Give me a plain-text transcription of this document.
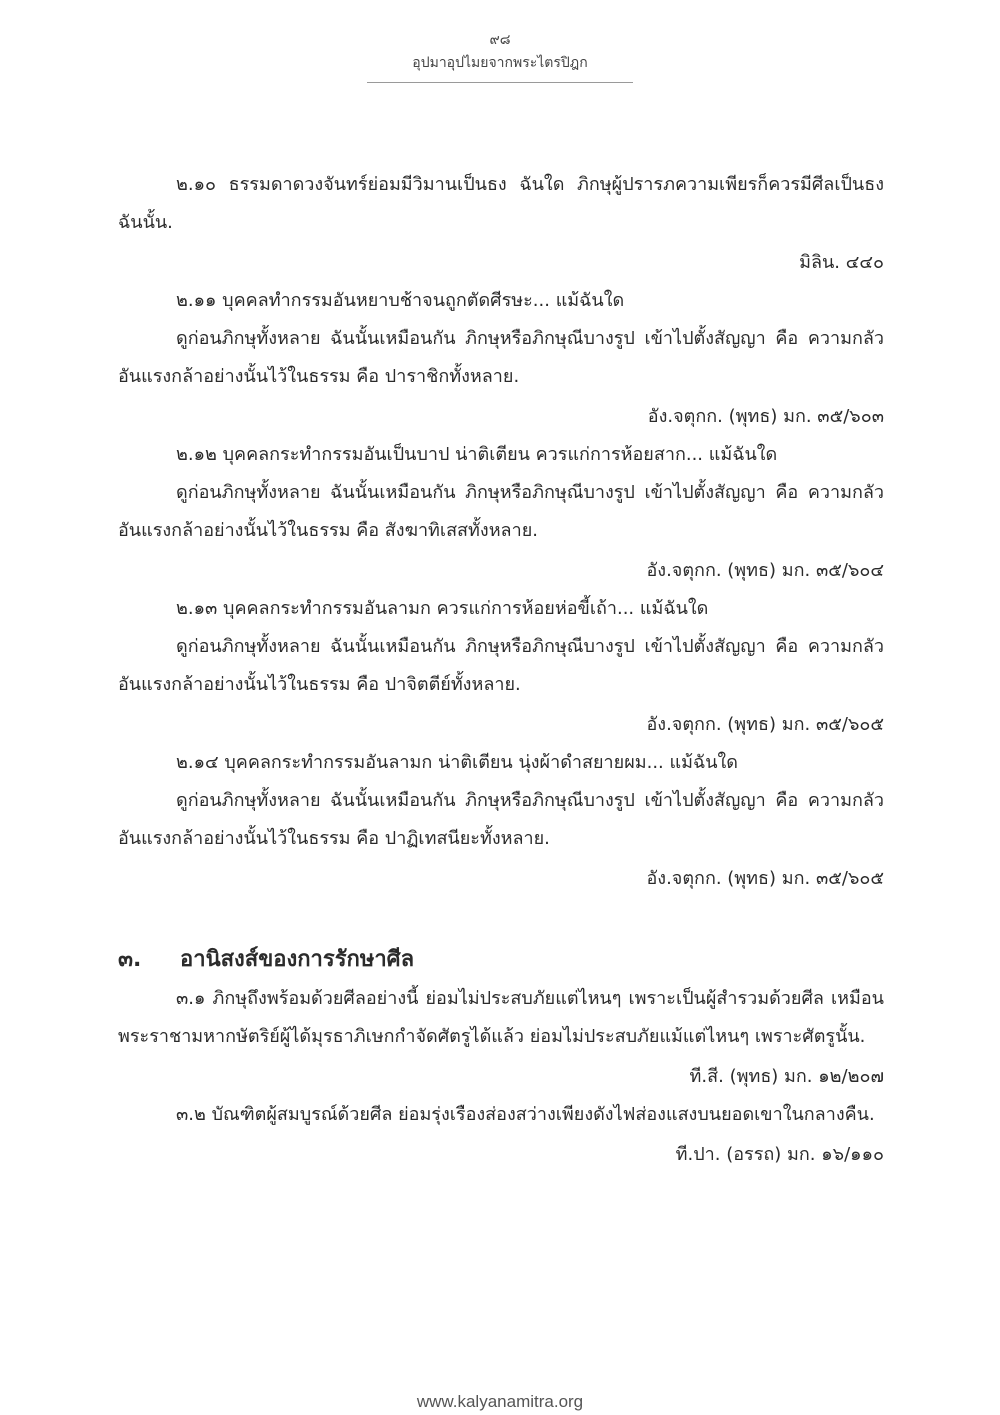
๙๘
อุปมาอุปไมยจากพระไตรปิฎก

๒.๑๐ ธรรมดาดวงจันทร์ย่อมมีวิมานเป็นธง ฉันใด ภิกษุผู้ปรารภความเพียรก็ควรมีศีลเป็นธง ฉันนั้น.

มิลิน. ๔๔๐

๒.๑๑ บุคคลทำกรรมอันหยาบช้าจนถูกตัดศีรษะ... แม้ฉันใด

ดูก่อนภิกษุทั้งหลาย ฉันนั้นเหมือนกัน ภิกษุหรือภิกษุณีบางรูป เข้าไปตั้งสัญญา คือ ความกลัวอันแรงกล้าอย่างนั้นไว้ในธรรม คือ ปาราชิกทั้งหลาย.

อัง.จตุกก. (พุทธ) มก. ๓๕/๖๐๓

๒.๑๒ บุคคลกระทำกรรมอันเป็นบาป น่าติเตียน ควรแก่การห้อยสาก... แม้ฉันใด

ดูก่อนภิกษุทั้งหลาย ฉันนั้นเหมือนกัน ภิกษุหรือภิกษุณีบางรูป เข้าไปตั้งสัญญา คือ ความกลัวอันแรงกล้าอย่างนั้นไว้ในธรรม คือ สังฆาทิเสสทั้งหลาย.

อัง.จตุกก. (พุทธ) มก. ๓๕/๖๐๔

๒.๑๓ บุคคลกระทำกรรมอันลามก ควรแก่การห้อยห่อขี้เถ้า... แม้ฉันใด

ดูก่อนภิกษุทั้งหลาย ฉันนั้นเหมือนกัน ภิกษุหรือภิกษุณีบางรูป เข้าไปตั้งสัญญา คือ ความกลัวอันแรงกล้าอย่างนั้นไว้ในธรรม คือ ปาจิตตีย์ทั้งหลาย.

อัง.จตุกก. (พุทธ) มก. ๓๕/๖๐๕

๒.๑๔ บุคคลกระทำกรรมอันลามก น่าติเตียน นุ่งผ้าดำสยายผม... แม้ฉันใด

ดูก่อนภิกษุทั้งหลาย ฉันนั้นเหมือนกัน ภิกษุหรือภิกษุณีบางรูป เข้าไปตั้งสัญญา คือ ความกลัวอันแรงกล้าอย่างนั้นไว้ในธรรม คือ ปาฏิเทสนียะทั้งหลาย.

อัง.จตุกก. (พุทธ) มก. ๓๕/๖๐๕

๓.	อานิสงส์ของการรักษาศีล

๓.๑ ภิกษุถึงพร้อมด้วยศีลอย่างนี้ ย่อมไม่ประสบภัยแต่ไหนๆ เพราะเป็นผู้สำรวมด้วยศีล เหมือนพระราชามหากษัตริย์ผู้ได้มุรธาภิเษกกำจัดศัตรูได้แล้ว ย่อมไม่ประสบภัยแม้แต่ไหนๆ เพราะศัตรูนั้น.

ที.สี. (พุทธ) มก. ๑๒/๒๐๗

๓.๒ บัณฑิตผู้สมบูรณ์ด้วยศีล ย่อมรุ่งเรืองส่องสว่างเพียงดังไฟส่องแสงบนยอดเขาในกลางคืน.

ที.ปา. (อรรถ) มก. ๑๖/๑๑๐

www.kalyanamitra.org
